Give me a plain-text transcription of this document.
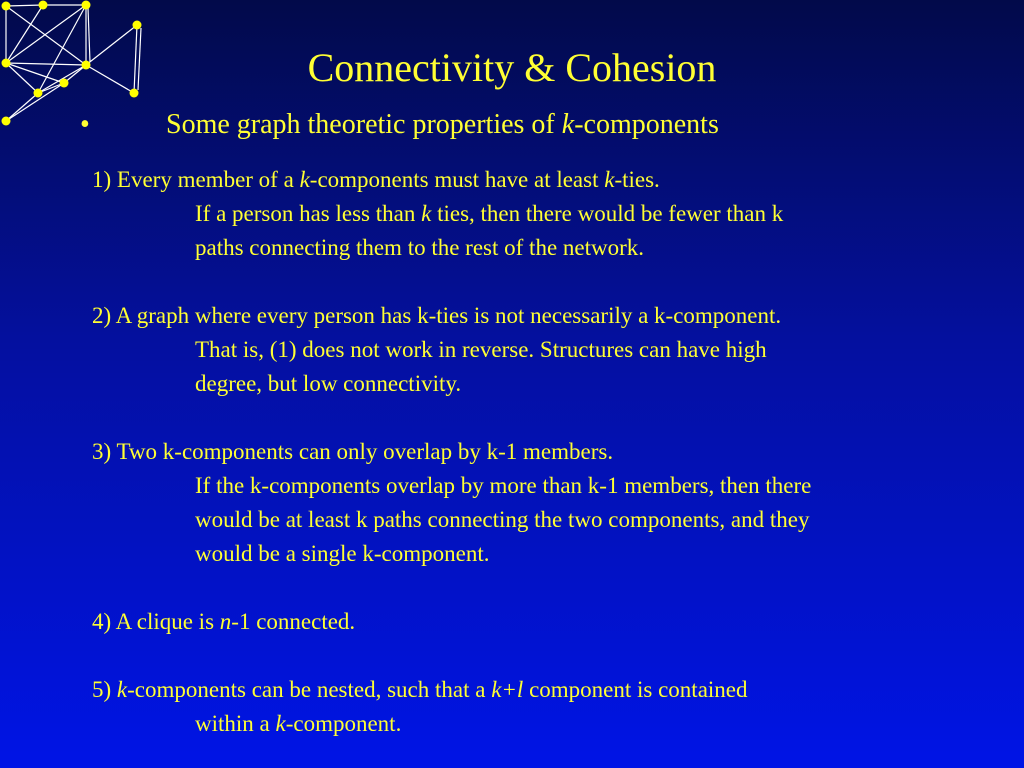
Connectivity & Cohesion
•	Some graph theoretic properties of k-components
1) Every member of a k-components must have at least k-ties.
If a person has less than k ties, then there would be fewer than k
paths connecting them to the rest of the network.
2) A graph where every person has k-ties is not necessarily a k-component.
That is, (1) does not work in reverse. Structures can have high
degree, but low connectivity.
3) Two k-components can only overlap by k-1 members.
If the k-components overlap by more than k-1 members, then there
would be at least k paths connecting the two components, and they
would be a single k-component.
4) A clique is n-1 connected.
5) k-components can be nested, such that a k+l component is contained
within a k-component.
